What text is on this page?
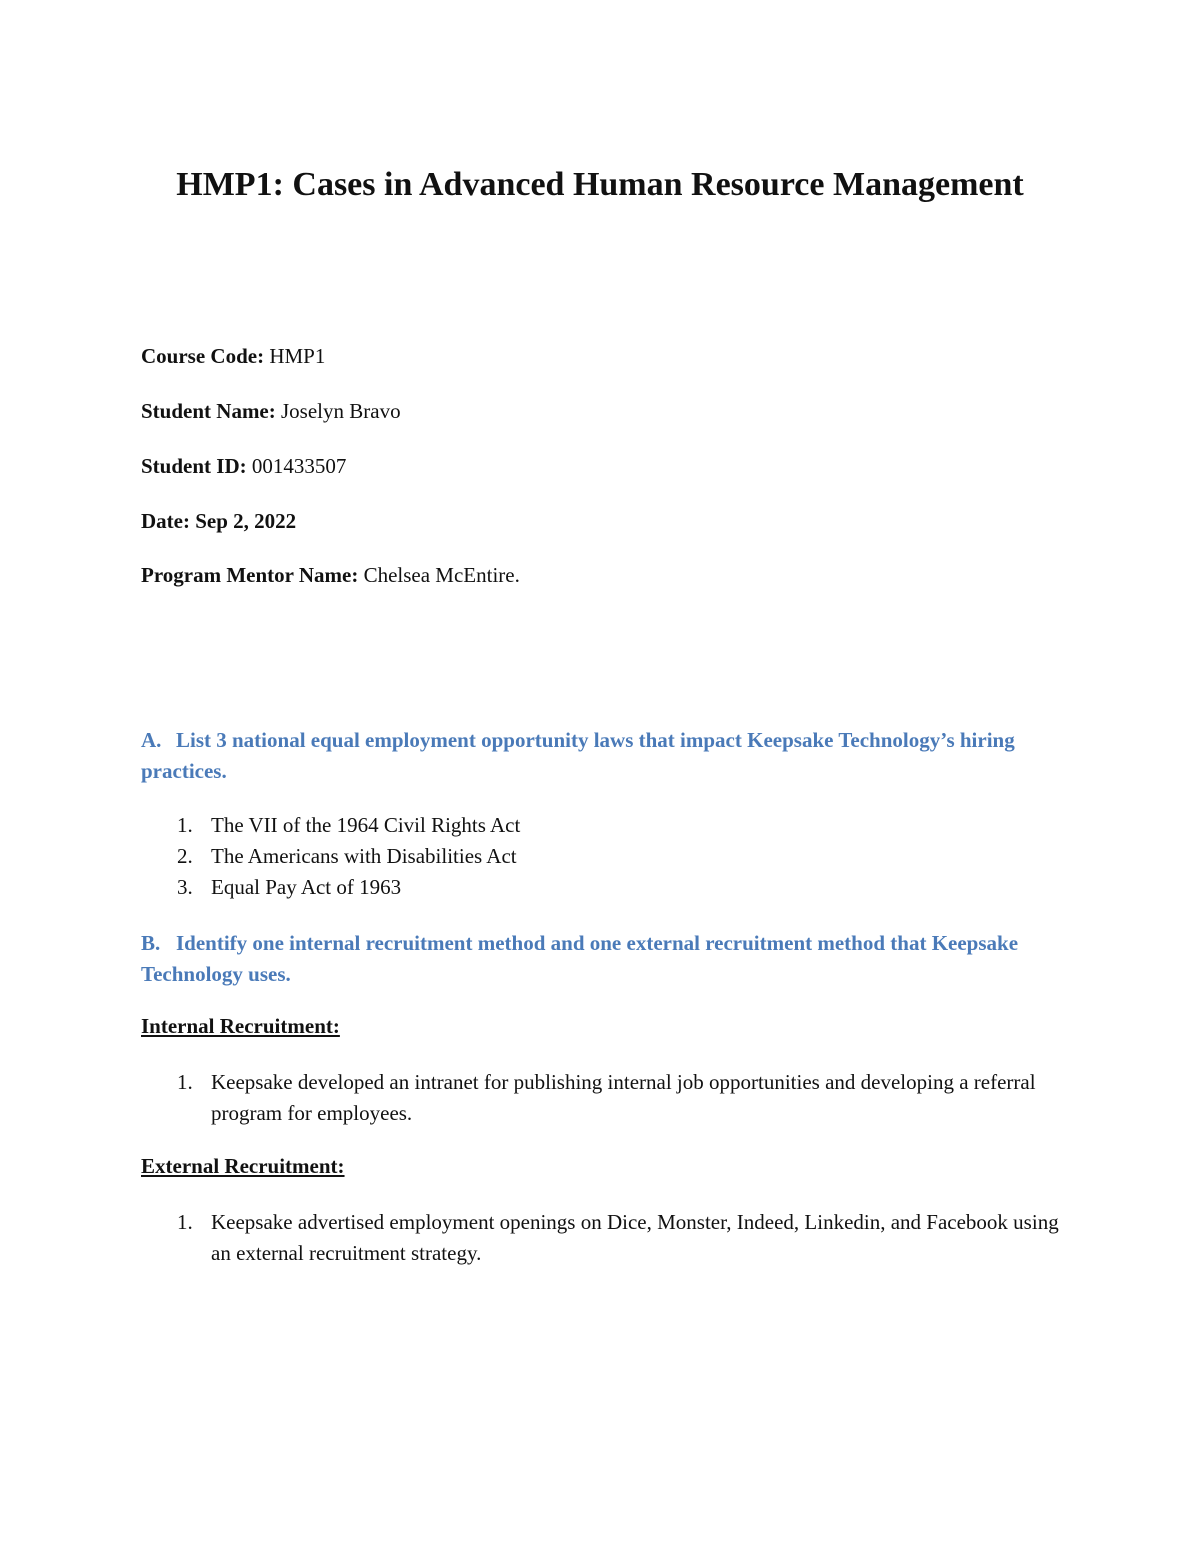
HMP1: Cases in Advanced Human Resource Management

Course Code: HMP1

Student Name: Joselyn Bravo

Student ID: 001433507

Date: Sep 2, 2022

Program Mentor Name: Chelsea McEntire.

A. List 3 national equal employment opportunity laws that impact Keepsake Technology’s hiring practices.

1. The VII of the 1964 Civil Rights Act
2. The Americans with Disabilities Act
3. Equal Pay Act of 1963

B. Identify one internal recruitment method and one external recruitment method that Keepsake Technology uses.

Internal Recruitment:

1. Keepsake developed an intranet for publishing internal job opportunities and developing a referral program for employees.

External Recruitment:

1. Keepsake advertised employment openings on Dice, Monster, Indeed, Linkedin, and Facebook using an external recruitment strategy.
